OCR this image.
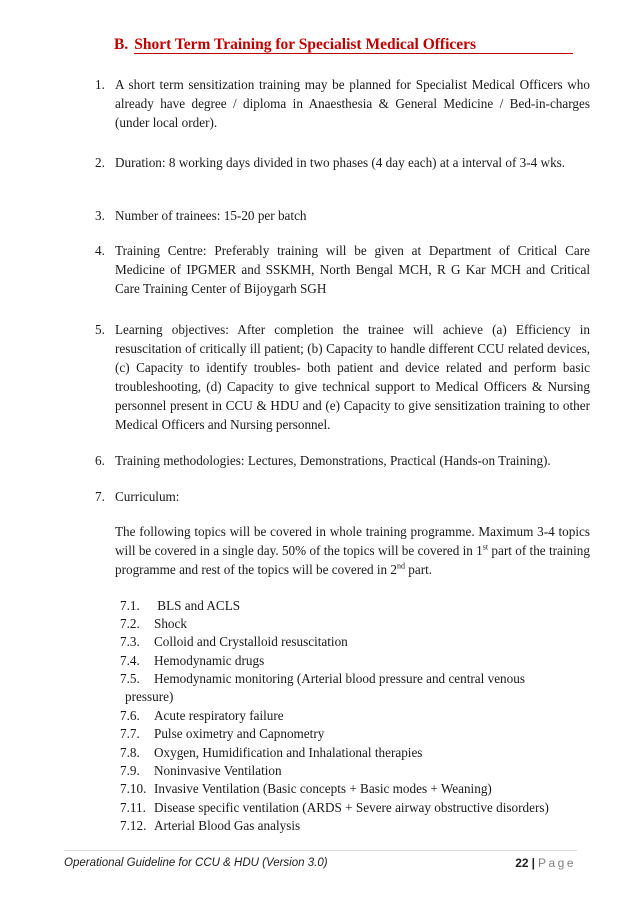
B. Short Term Training for Specialist Medical Officers
1. A short term sensitization training may be planned for Specialist Medical Officers who already have degree / diploma in Anaesthesia & General Medicine / Bed-in-charges (under local order).
2. Duration: 8 working days divided in two phases (4 day each) at a interval of 3-4 wks.
3. Number of trainees: 15-20 per batch
4. Training Centre: Preferably training will be given at Department of Critical Care Medicine of IPGMER and SSKMH, North Bengal MCH, R G Kar MCH and Critical Care Training Center of Bijoygarh SGH
5. Learning objectives: After completion the trainee will achieve (a) Efficiency in resuscitation of critically ill patient; (b) Capacity to handle different CCU related devices, (c) Capacity to identify troubles- both patient and device related and perform basic troubleshooting, (d) Capacity to give technical support to Medical Officers & Nursing personnel present in CCU & HDU and (e) Capacity to give sensitization training to other Medical Officers and Nursing personnel.
6. Training methodologies: Lectures, Demonstrations, Practical (Hands-on Training).
7. Curriculum:
The following topics will be covered in whole training programme. Maximum 3-4 topics will be covered in a single day. 50% of the topics will be covered in 1st part of the training programme and rest of the topics will be covered in 2nd part.
7.1. BLS and ACLS
7.2. Shock
7.3. Colloid and Crystalloid resuscitation
7.4. Hemodynamic drugs
7.5. Hemodynamic monitoring (Arterial blood pressure and central venous
pressure)
7.6. Acute respiratory failure
7.7. Pulse oximetry and Capnometry
7.8. Oxygen, Humidification and Inhalational therapies
7.9. Noninvasive Ventilation
7.10. Invasive Ventilation (Basic concepts + Basic modes + Weaning)
7.11. Disease specific ventilation (ARDS + Severe airway obstructive disorders)
7.12. Arterial Blood Gas analysis
Operational Guideline for CCU & HDU (Version 3.0)	22 | Page
